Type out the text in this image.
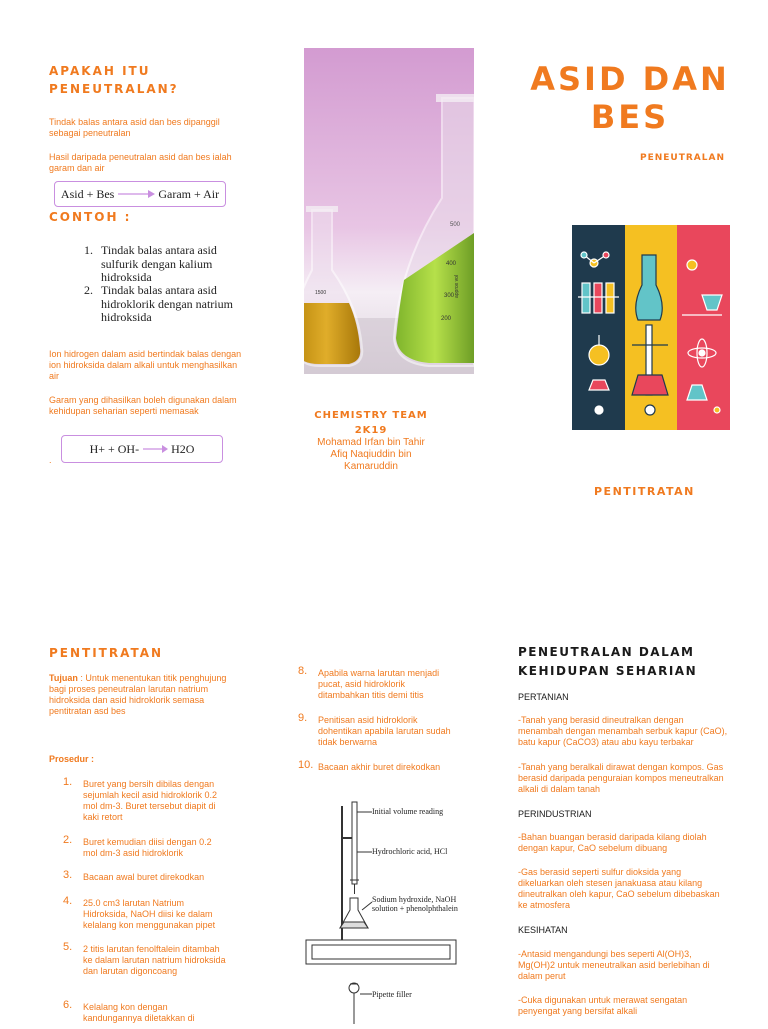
APAKAH ITU PENEUTRALAN?
Tindak balas antara asid dan bes dipanggil sebagai peneutralan
Hasil daripada peneutralan asid dan bes ialah garam dan air
Asid + Bes	Garam + Air
CONTOH :
1. Tindak balas antara asid sulfurik dengan kalium hidroksida
2. Tindak balas antara asid hidroklorik dengan natrium hidroksida
Ion hidrogen dalam asid bertindak balas dengan ion hidroksida dalam alkali untuk menghasilkan air
Garam yang dihasilkan boleh digunakan dalam kehidupan seharian seperti memasak
H+ + OH-	H2O
.
500
400
300
200
1500	approx vol
CHEMISTRY TEAM
2K19
Mohamad Irfan bin Tahir
Afiq Naqiuddin bin Kamaruddin
ASID DAN
BES
PENEUTRALAN
PENTITRATAN
PENTITRATAN
Tujuan : Untuk menentukan titik penghujung bagi proses peneutralan larutan natrium hidroksida dan asid hidroklorik semasa pentitratan asd bes
Prosedur :
1. Buret yang bersih dibilas dengan sejumlah kecil asid hidroklorik 0.2 mol dm-3. Buret tersebut diapit di kaki retort
2. Buret kemudian diisi dengan 0.2 mol dm-3 asid hidroklorik
3. Bacaan awal buret direkodkan
4. 25.0 cm3 larutan Natrium Hidroksida, NaOH diisi ke dalam kelalang kon menggunakan pipet
5. 2 titis larutan fenolftalein ditambah ke dalam larutan natrium hidroksida dan larutan digoncoang
6. Kelalang kon dengan kandungannya diletakkan di
8. Apabila warna larutan menjadi pucat, asid hidroklorik ditambahkan titis demi titis
9. Penitisan asid hidroklorik dohentikan apabila larutan sudah tidak berwarna
10. Bacaan akhir buret direkodkan
Initial volume reading
Hydrochloric acid, HCl
Sodium hydroxide, NaOH solution + phenolphthalein
Pipette filler
PENEUTRALAN DALAM KEHIDUPAN SEHARIAN
PERTANIAN
-Tanah yang berasid dineutralkan dengan menambah dengan menambah serbuk kapur (CaO), batu kapur (CaCO3) atau abu kayu terbakar
-Tanah yang beralkali dirawat dengan kompos. Gas berasid daripada penguraian kompos meneutralkan alkali di dalam tanah
PERINDUSTRIAN
-Bahan buangan berasid daripada kilang diolah dengan kapur, CaO sebelum dibuang
-Gas berasid seperti sulfur dioksida yang dikeluarkan oleh stesen janakuasa atau kilang dineutralkan oleh kapur, CaO sebelum dibebaskan ke atmosfera
KESIHATAN
-Antasid mengandungi bes seperti Al(OH)3, Mg(OH)2 untuk meneutralkan asid berlebihan di dalam perut
-Cuka digunakan untuk merawat sengatan penyengat yang bersifat alkali
